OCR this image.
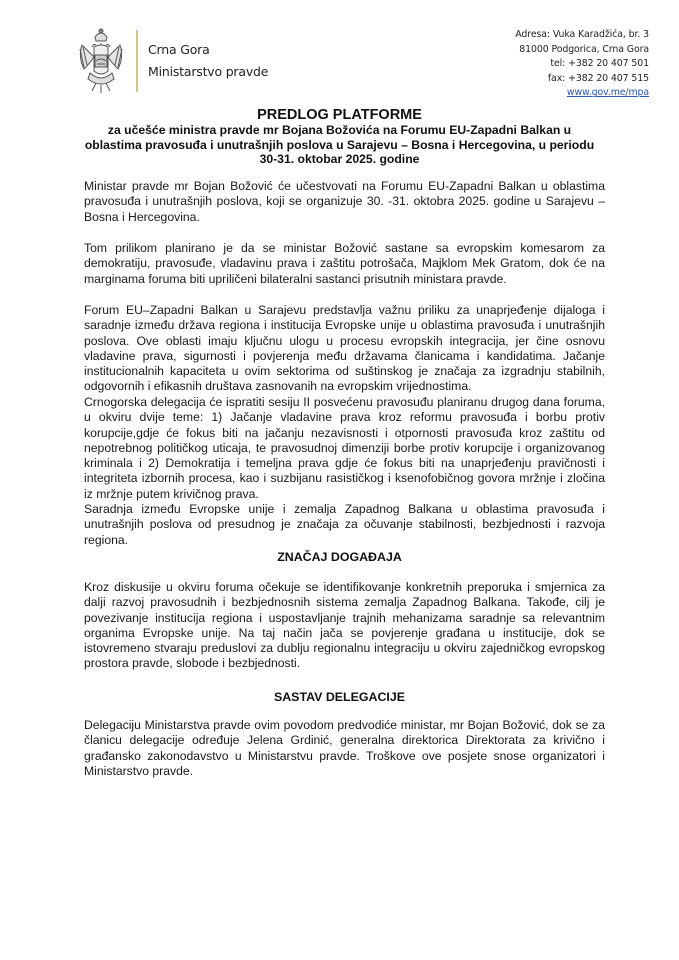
Crna Gora
Ministarstvo pravde
Adresa: Vuka Karadžića, br. 3
81000 Podgorica, Crna Gora
tel: +382 20 407 501
fax: +382 20 407 515
www.gov.me/mpa
PREDLOG PLATFORME
za učešće ministra pravde mr Bojana Božovića na Forumu EU-Zapadni Balkan u
oblastima pravosuđa i unutrašnjih poslova u Sarajevu – Bosna i Hercegovina, u periodu
30-31. oktobar 2025. godine

Ministar pravde mr Bojan Božović će učestvovati na Forumu EU-Zapadni Balkan u oblastima pravosuđa i unutrašnjih poslova, koji se organizuje 30. -31. oktobra 2025. godine u Sarajevu – Bosna i Hercegovina.

Tom prilikom planirano je da se ministar Božović sastane sa evropskim komesarom za demokratiju, pravosuđe, vladavinu prava i zaštitu potrošača, Majklom Mek Gratom, dok će na marginama foruma biti upriličeni bilateralni sastanci prisutnih ministara pravde.

Forum EU–Zapadni Balkan u Sarajevu predstavlja važnu priliku za unaprjeđenje dijaloga i saradnje između država regiona i institucija Evropske unije u oblastima pravosuđa i unutrašnjih poslova. Ove oblasti imaju ključnu ulogu u procesu evropskih integracija, jer čine osnovu vladavine prava, sigurnosti i povjerenja među državama članicama i kandidatima. Jačanje institucionalnih kapaciteta u ovim sektorima od suštinskog je značaja za izgradnju stabilnih, odgovornih i efikasnih društava zasnovanih na evropskim vrijednostima.

Crnogorska delegacija će ispratiti sesiju II posvećenu pravosuđu planiranu drugog dana foruma, u okviru dvije teme: 1) Jačanje vladavine prava kroz reformu pravosuđa i borbu protiv korupcije,gdje će fokus biti na jačanju nezavisnosti i otpornosti pravosuđa kroz zaštitu od nepotrebnog političkog uticaja, te pravosudnoj dimenziji borbe protiv korupcije i organizovanog kriminala i 2) Demokratija i temeljna prava gdje će fokus biti na unaprjeđenju pravičnosti i integriteta izbornih procesa, kao i suzbijanu rasističkog i ksenofobičnog govora mržnje i zločina iz mržnje putem krivičnog prava.

Saradnja između Evropske unije i zemalja Zapadnog Balkana u oblastima pravosuđa i unutrašnjih poslova od presudnog je značaja za očuvanje stabilnosti, bezbjednosti i razvoja regiona.

ZNAČAJ DOGAĐAJA

Kroz diskusije u okviru foruma očekuje se identifikovanje konkretnih preporuka i smjernica za dalji razvoj pravosudnih i bezbjednosnih sistema zemalja Zapadnog Balkana. Takođe, cilj je povezivanje institucija regiona i uspostavljanje trajnih mehanizama saradnje sa relevantnim organima Evropske unije. Na taj način jača se povjerenje građana u institucije, dok se istovremeno stvaraju preduslovi za dublju regionalnu integraciju u okviru zajedničkog evropskog prostora pravde, slobode i bezbjednosti.

SASTAV DELEGACIJE

Delegaciju Ministarstva pravde ovim povodom predvodiće ministar, mr Bojan Božović, dok se za članicu delegacije određuje Jelena Grdinić, generalna direktorica Direktorata za krivično i građansko zakonodavstvo u Ministarstvu pravde. Troškove ove posjete snose organizatori i Ministarstvo pravde.
